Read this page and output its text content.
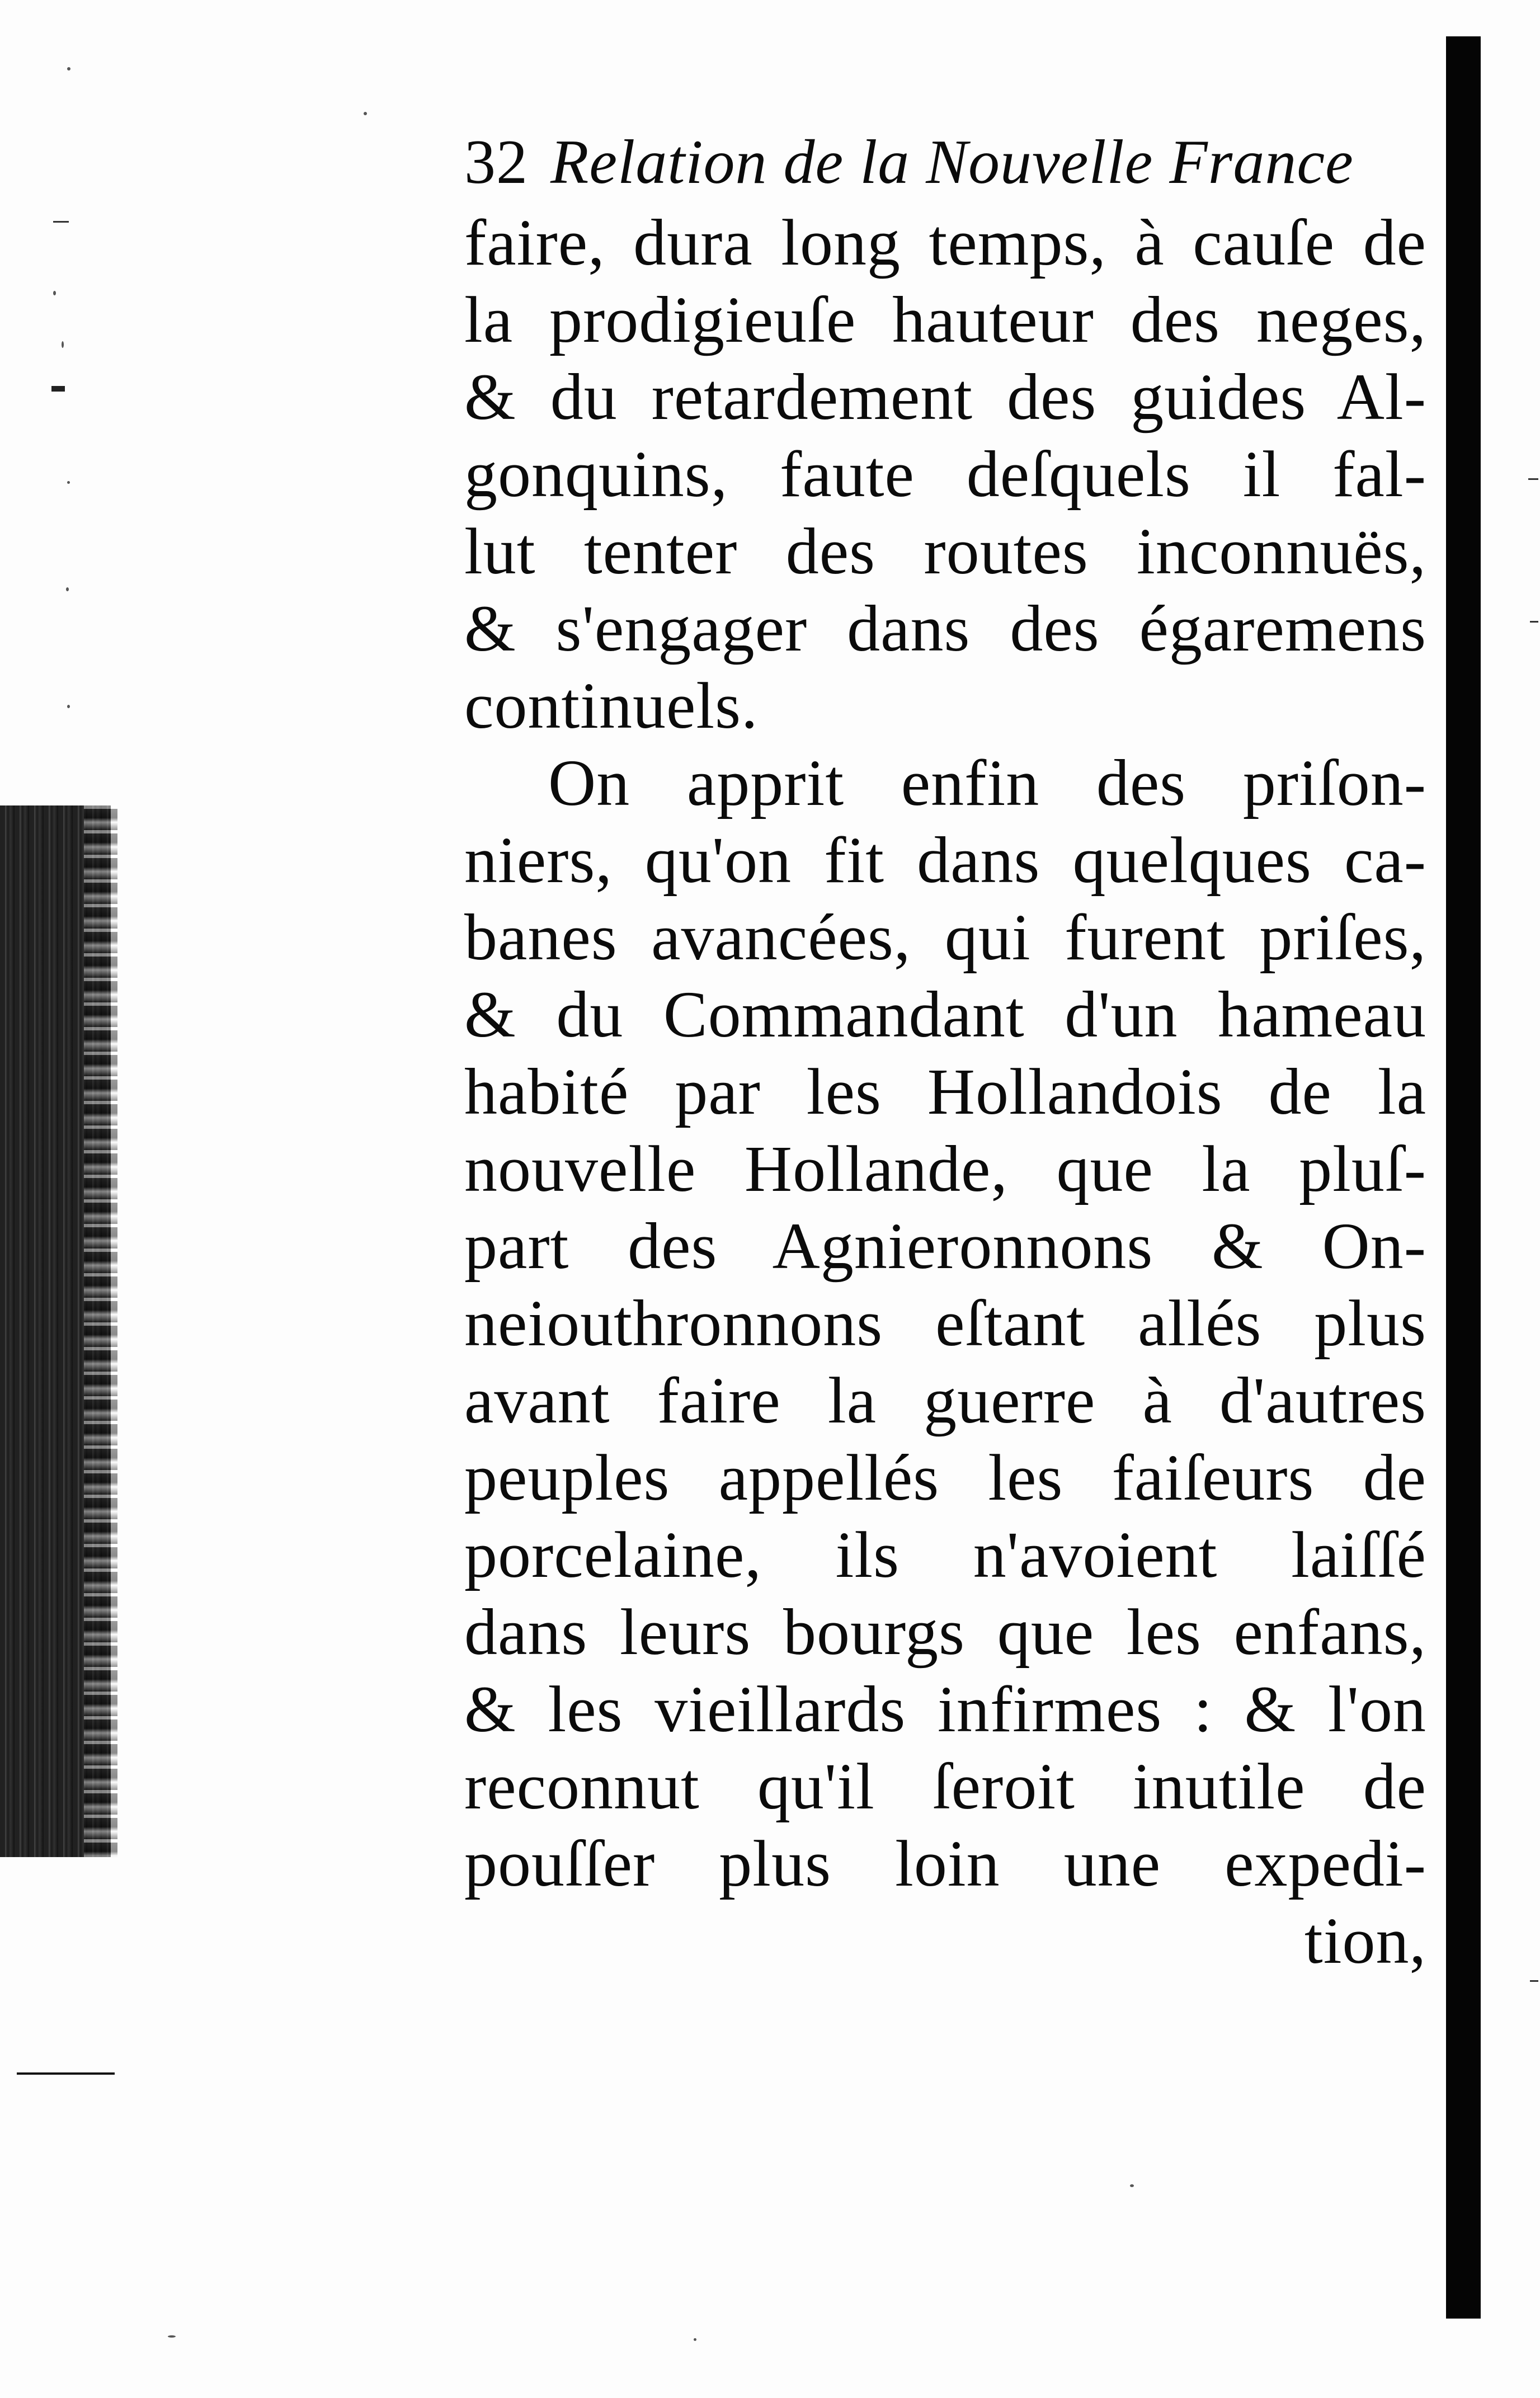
32 Relation de la Nouvelle France
faire, dura long temps, à cauſe de
la prodigieuſe hauteur des neges,
& du retardement des guides Al-
gonquins, faute deſquels il fal-
lut tenter des routes inconnuës,
& s'engager dans des égaremens
continuels.
On apprit enfin des priſon-
niers, qu'on fit dans quelques ca-
banes avancées, qui furent priſes,
& du Commandant d'un hameau
habité par les Hollandois de la
nouvelle Hollande, que la pluſ-
part des Agnieronnons & On-
neiouthronnons eſtant allés plus
avant faire la guerre à d'autres
peuples appellés les faiſeurs de
porcelaine, ils n'avoient laiſſé
dans leurs bourgs que les enfans,
& les vieillards infirmes : & l'on
reconnut qu'il ſeroit inutile de
pouſſer plus loin une expedi-
tion,
